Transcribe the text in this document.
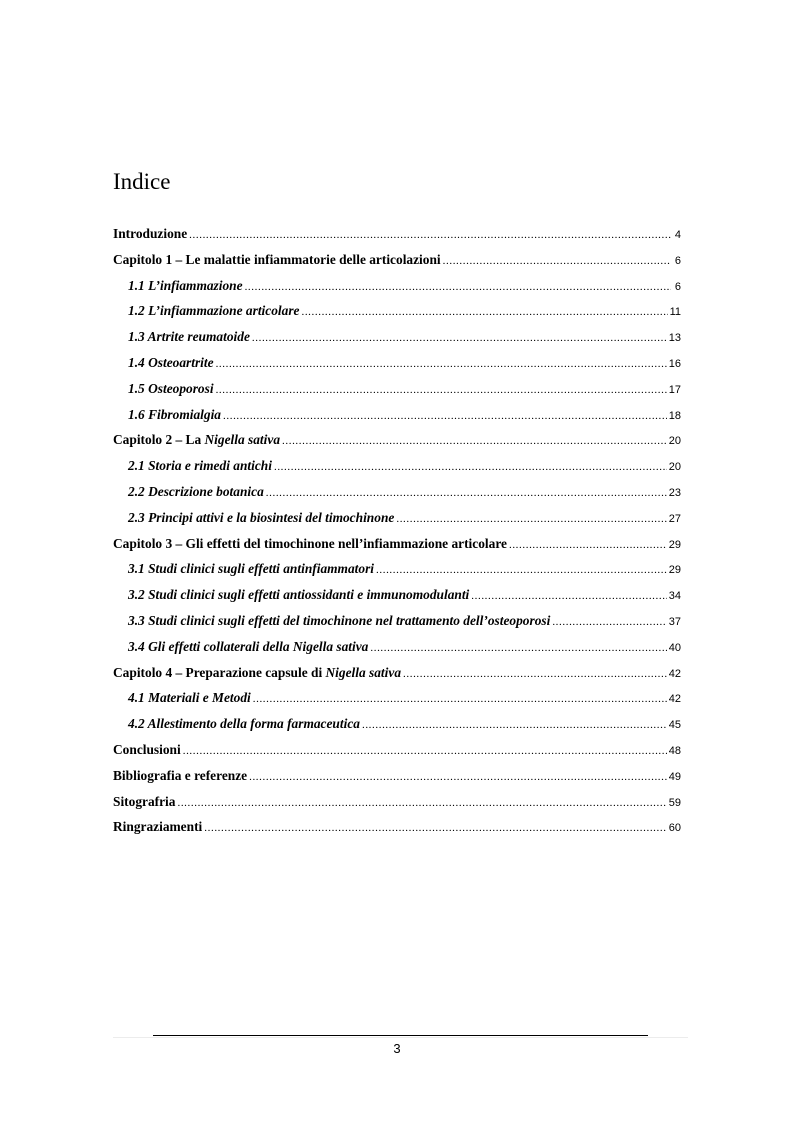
Indice
Introduzione .....	4
Capitolo 1 – Le malattie infiammatorie delle articolazioni .....	6
1.1 L’infiammazione .....	6
1.2 L’infiammazione articolare .....	11
1.3 Artrite reumatoide .....	13
1.4 Osteoartrite .....	16
1.5 Osteoporosi .....	17
1.6 Fibromialgia .....	18
Capitolo 2 – La Nigella sativa .....	20
2.1 Storia e rimedi antichi .....	20
2.2 Descrizione botanica .....	23
2.3 Principi attivi e la biosintesi del timochinone .....	27
Capitolo 3 – Gli effetti del timochinone nell’infiammazione articolare .....	29
3.1 Studi clinici sugli effetti antinfiammatori .....	29
3.2 Studi clinici sugli effetti antiossidanti e immunomodulanti .....	34
3.3 Studi clinici sugli effetti del timochinone nel trattamento dell’osteoporosi .....	37
3.4 Gli effetti collaterali della Nigella sativa .....	40
Capitolo 4 – Preparazione capsule di Nigella sativa .....	42
4.1 Materiali e Metodi .....	42
4.2 Allestimento della forma farmaceutica .....	45
Conclusioni .....	48
Bibliografia e referenze .....	49
Sitografria .....	59
Ringraziamenti .....	60
3
